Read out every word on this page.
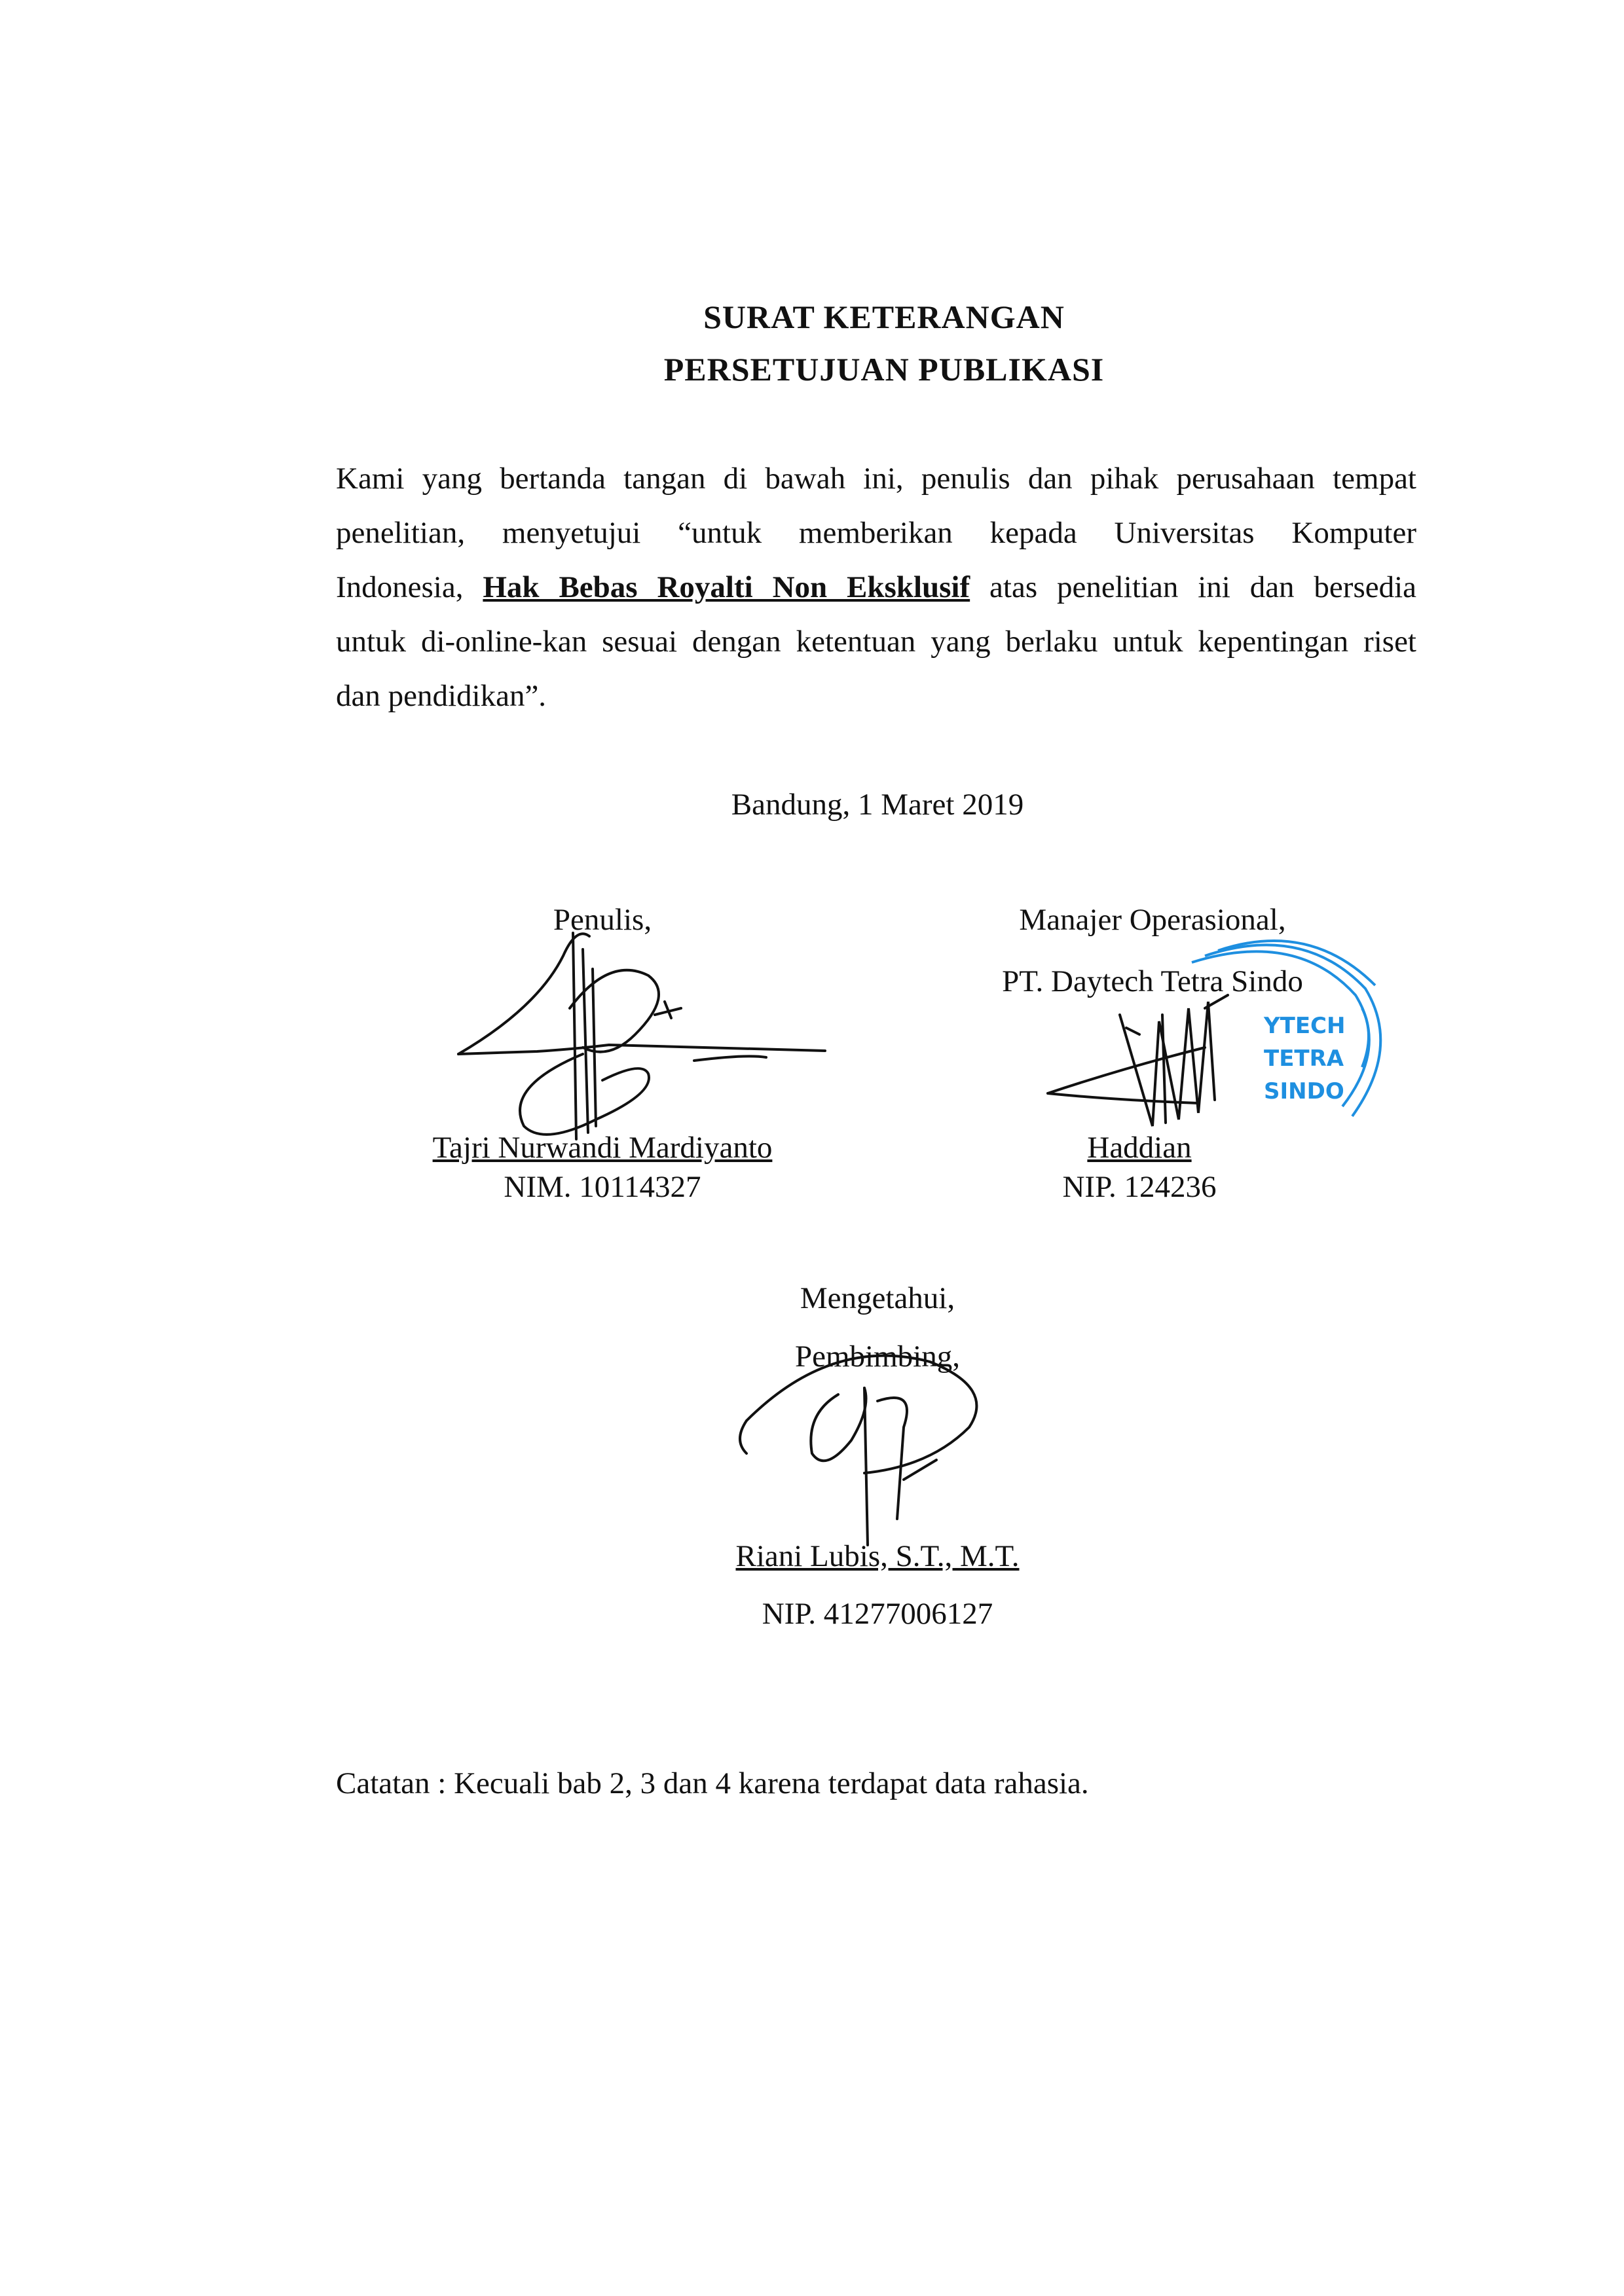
SURAT KETERANGAN
PERSETUJUAN PUBLIKASI
Kami yang bertanda tangan di bawah ini, penulis dan pihak perusahaan tempat
penelitian, menyetujui “untuk memberikan kepada Universitas Komputer
Indonesia, Hak Bebas Royalti Non Eksklusif atas penelitian ini dan bersedia
untuk di-online-kan sesuai dengan ketentuan yang berlaku untuk kepentingan riset
dan pendidikan”.
Bandung, 1 Maret 2019
Penulis,
Tajri Nurwandi Mardiyanto
NIM. 10114327
Manajer Operasional,
PT. Daytech Tetra Sindo
YTECH
TETRA
SINDO
Haddian
NIP. 124236
Mengetahui,
Pembimbing,
Riani Lubis, S.T., M.T.
NIP. 41277006127
Catatan : Kecuali bab 2, 3 dan 4 karena terdapat data rahasia.
